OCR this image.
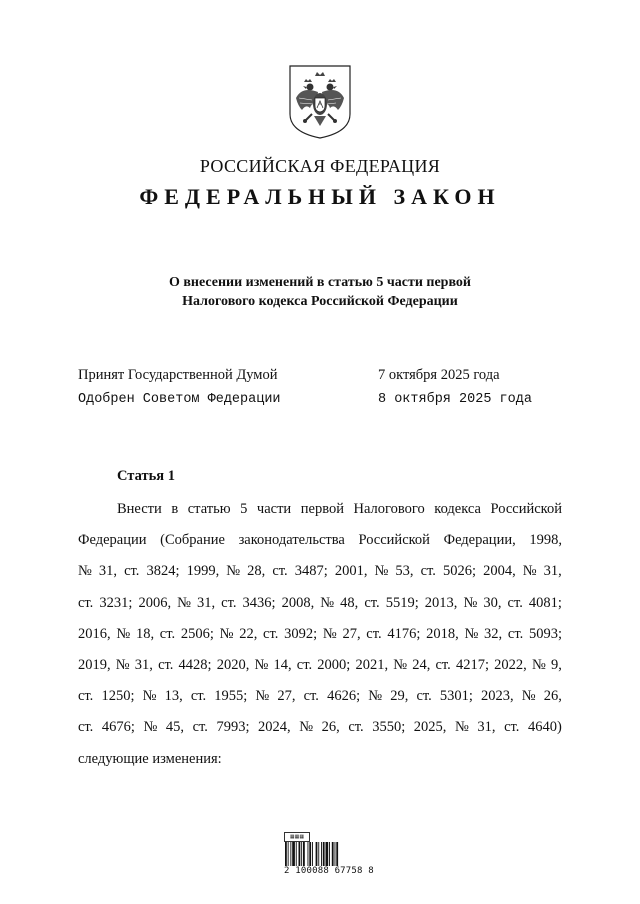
РОССИЙСКАЯ ФЕДЕРАЦИЯ
ФЕДЕРАЛЬНЫЙ ЗАКОН
О внесении изменений в статью 5 части первой
Налогового кодекса Российской Федерации
Принят Государственной Думой	7 октября 2025 года
Одобрен Советом Федерации	8 октября 2025 года
Статья 1
Внести в статью 5 части первой Налогового кодекса Российской
Федерации (Собрание законодательства Российской Федерации, 1998,
№ 31, ст. 3824; 1999, № 28, ст. 3487; 2001, № 53, ст. 5026; 2004, № 31,
ст. 3231; 2006, № 31, ст. 3436; 2008, № 48, ст. 5519; 2013, № 30, ст. 4081;
2016, № 18, ст. 2506; № 22, ст. 3092; № 27, ст. 4176; 2018, № 32, ст. 5093;
2019, № 31, ст. 4428; 2020, № 14, ст. 2000; 2021, № 24, ст. 4217; 2022, № 9,
ст. 1250; № 13, ст. 1955; № 27, ст. 4626; № 29, ст. 5301; 2023, № 26,
ст. 4676; № 45, ст. 7993; 2024, № 26, ст. 3550; 2025, № 31, ст. 4640)
следующие изменения:
▦▦▦
2 100088 67758 8
